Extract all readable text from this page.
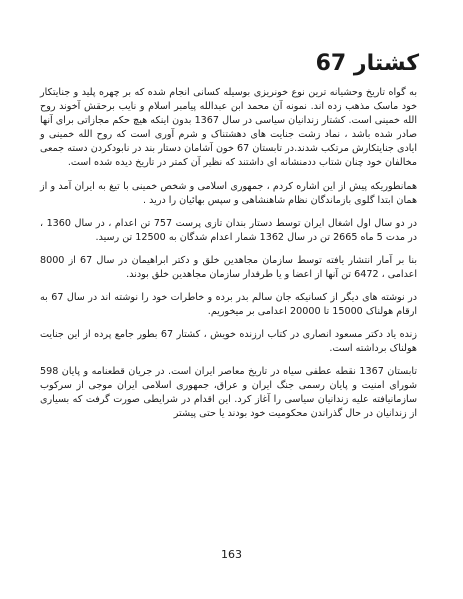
کشتار 67

به گواه تاریخ وحشیانه ترین نوع خونریزی بوسیله کسانی انجام شده که بر چهره پلید و جنایتکار خود ماسک مذهب زده اند. نمونه آن محمد ابن عبدالله پیامبر اسلام و نایب برحقش آخوند روح الله خمینی است. کشتار زندانیان سیاسی در سال 1367 بدون اینکه هیچ حکم مجازاتی برای آنها صادر شده باشد ، نماد زشت جنایت های دهشتناک و شرم آوری است که روح الله خمینی و ایادی جنایتکارش مرتکب شدند.در تابستان 67 خون آشامان دستار بند در نابودکردن دسته جمعی مخالفان خود چنان شتاب ددمنشانه ای داشتند که نظیر آن کمتر در تاریخ دیده شده است.

همانطوریکه پیش از این اشاره کردم ، جمهوری اسلامی و شخص خمینی با تیغ به ایران آمد و از همان ابتدا گلوی بازماندگان نظام شاهنشاهی و سپس بهائیان را درید .

در دو سال اول اشغال ایران توسط دستار بندان تازی پرست 757 تن اعدام ، در سال 1360 ، در مدت 5 ماه 2665 تن در سال 1362 شمار اعدام شدگان به 12500 تن رسید.

بنا بر آمار انتشار یافته توسط سازمان مجاهدین خلق و دکتر ابراهیمان در سال 67 از 8000 اعدامی ، 6472 تن آنها از اعضا و یا طرفدار سازمان مجاهدین خلق بودند.

در نوشته های دیگر از کسانیکه جان سالم بدر برده و خاطرات خود را نوشته اند در سال 67 به ارقام هولناک 15000 تا 20000 اعدامی بر میخوریم.

زنده یاد دکتر مسعود انصاری در کتاب ارزنده خویش ، کشتار 67 بطور جامع پرده از این جنایت هولناک برداشته است.

تابستان 1367 نقطه عطفی سیاه در تاریخ معاصر ایران است. در جریان قطعنامه و پایان 598 شورای امنیت و پایان رسمی جنگ ایران و عراق، جمهوری اسلامی ایران موجی از سرکوب سازمانیافته علیه زندانیان سیاسی را آغاز کرد. این اقدام در شرایطی صورت گرفت که بسیاری از زندانیان در حال گذراندن محکومیت خود بودند یا حتی پیشتر

163
